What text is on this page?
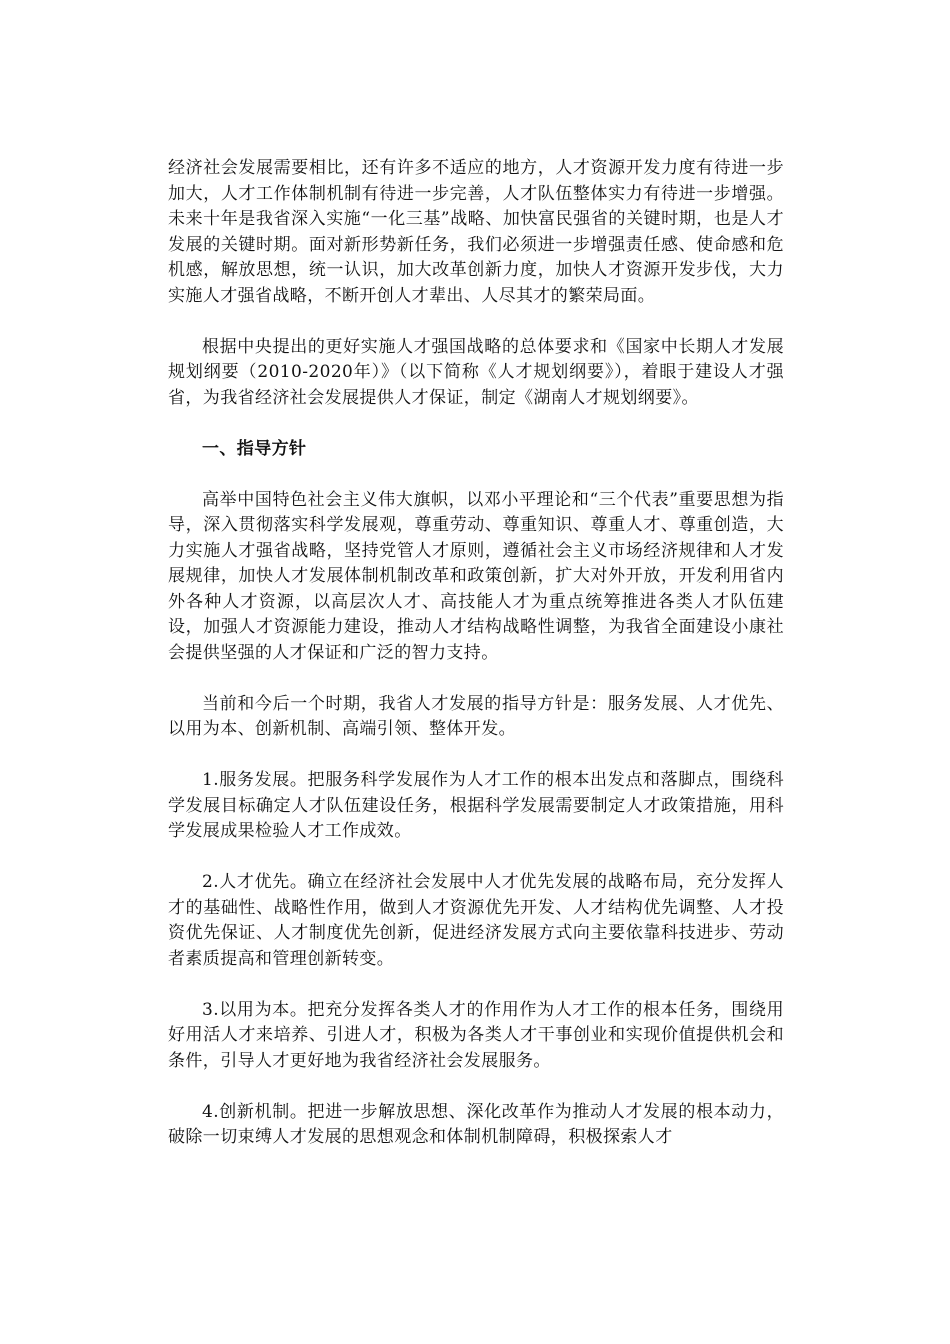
经济社会发展需要相比，还有许多不适应的地方，人才资源开发力度有待进一步加大，人才工作体制机制有待进一步完善，人才队伍整体实力有待进一步增强。未来十年是我省深入实施“一化三基”战略、加快富民强省的关键时期，也是人才发展的关键时期。面对新形势新任务，我们必须进一步增强责任感、使命感和危机感，解放思想，统一认识，加大改革创新力度，加快人才资源开发步伐，大力实施人才强省战略，不断开创人才辈出、人尽其才的繁荣局面。

根据中央提出的更好实施人才强国战略的总体要求和《国家中长期人才发展规划纲要（2010-2020年）》（以下简称《人才规划纲要》），着眼于建设人才强省，为我省经济社会发展提供人才保证，制定《湖南人才规划纲要》。

一、指导方针

高举中国特色社会主义伟大旗帜，以邓小平理论和“三个代表”重要思想为指导，深入贯彻落实科学发展观，尊重劳动、尊重知识、尊重人才、尊重创造，大力实施人才强省战略，坚持党管人才原则，遵循社会主义市场经济规律和人才发展规律，加快人才发展体制机制改革和政策创新，扩大对外开放，开发利用省内外各种人才资源，以高层次人才、高技能人才为重点统筹推进各类人才队伍建设，加强人才资源能力建设，推动人才结构战略性调整，为我省全面建设小康社会提供坚强的人才保证和广泛的智力支持。

当前和今后一个时期，我省人才发展的指导方针是：服务发展、人才优先、以用为本、创新机制、高端引领、整体开发。

1.服务发展。把服务科学发展作为人才工作的根本出发点和落脚点，围绕科学发展目标确定人才队伍建设任务，根据科学发展需要制定人才政策措施，用科学发展成果检验人才工作成效。

2.人才优先。确立在经济社会发展中人才优先发展的战略布局，充分发挥人才的基础性、战略性作用，做到人才资源优先开发、人才结构优先调整、人才投资优先保证、人才制度优先创新，促进经济发展方式向主要依靠科技进步、劳动者素质提高和管理创新转变。

3.以用为本。把充分发挥各类人才的作用作为人才工作的根本任务，围绕用好用活人才来培养、引进人才，积极为各类人才干事创业和实现价值提供机会和条件，引导人才更好地为我省经济社会发展服务。

4.创新机制。把进一步解放思想、深化改革作为推动人才发展的根本动力，破除一切束缚人才发展的思想观念和体制机制障碍，积极探索人才
